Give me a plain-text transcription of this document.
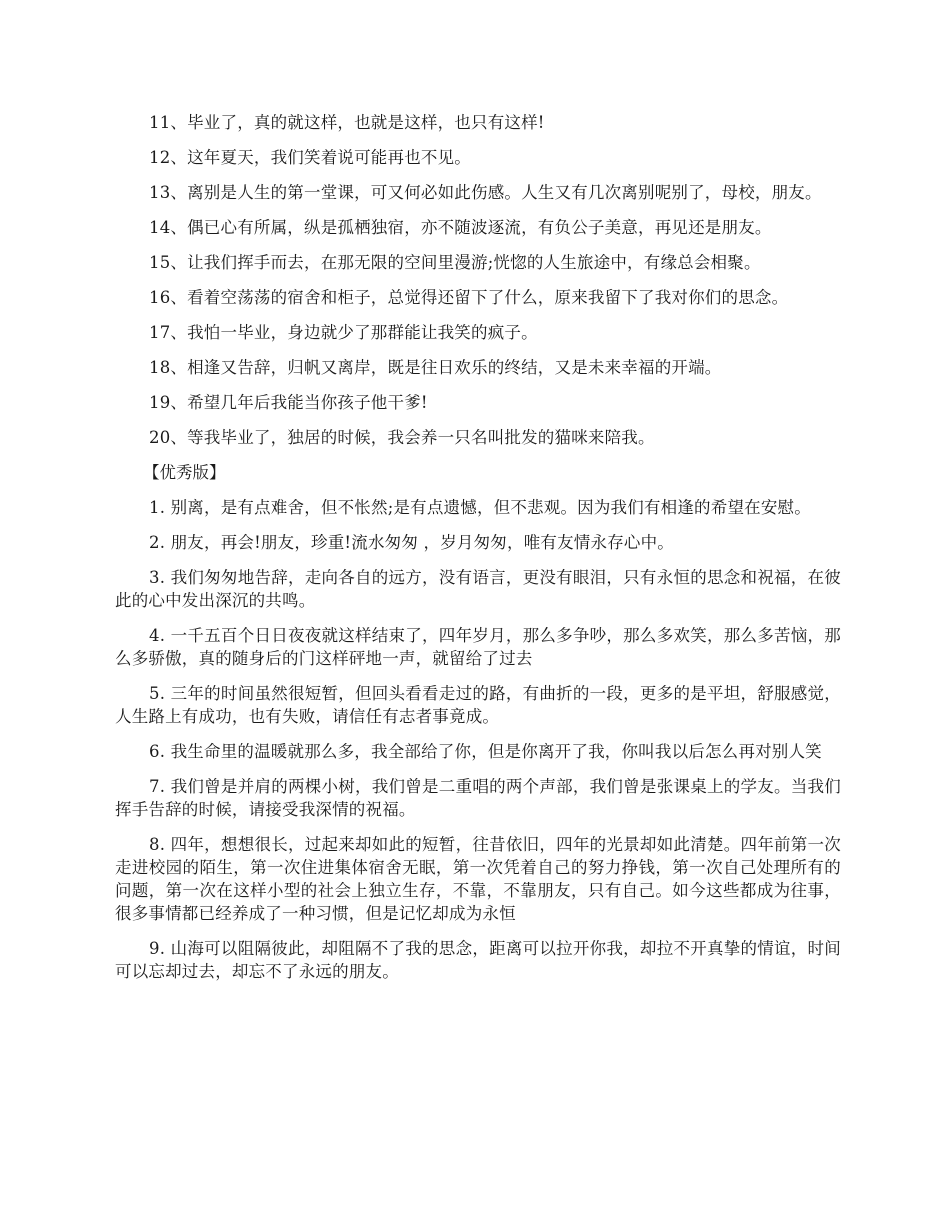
11、毕业了，真的就这样，也就是这样，也只有这样!

12、这年夏天，我们笑着说可能再也不见。

13、离别是人生的第一堂课，可又何必如此伤感。人生又有几次离别呢别了，母校，朋友。

14、偶已心有所属，纵是孤栖独宿，亦不随波逐流，有负公子美意，再见还是朋友。

15、让我们挥手而去，在那无限的空间里漫游;恍惚的人生旅途中，有缘总会相聚。

16、看着空荡荡的宿舍和柜子，总觉得还留下了什么，原来我留下了我对你们的思念。

17、我怕一毕业，身边就少了那群能让我笑的疯子。

18、相逢又告辞，归帆又离岸，既是往日欢乐的终结，又是未来幸福的开端。

19、希望几年后我能当你孩子他干爹!

20、等我毕业了，独居的时候，我会养一只名叫批发的猫咪来陪我。

【优秀版】

1. 别离，是有点难舍，但不怅然;是有点遗憾，但不悲观。因为我们有相逢的希望在安慰。

2. 朋友，再会!朋友，珍重!流水匆匆 ，岁月匆匆，唯有友情永存心中。

3. 我们匆匆地告辞，走向各自的远方，没有语言，更没有眼泪，只有永恒的思念和祝福，在彼此的心中发出深沉的共鸣。

4. 一千五百个日日夜夜就这样结束了，四年岁月，那么多争吵，那么多欢笑，那么多苦恼，那么多骄傲，真的随身后的门这样砰地一声，就留给了过去

5. 三年的时间虽然很短暂，但回头看看走过的路，有曲折的一段，更多的是平坦，舒服感觉，人生路上有成功，也有失败，请信任有志者事竟成。

6. 我生命里的温暖就那么多，我全部给了你，但是你离开了我，你叫我以后怎么再对别人笑

7. 我们曾是并肩的两棵小树，我们曾是二重唱的两个声部，我们曾是张课桌上的学友。当我们挥手告辞的时候，请接受我深情的祝福。

8. 四年，想想很长，过起来却如此的短暂，往昔依旧，四年的光景却如此清楚。四年前第一次走进校园的陌生，第一次住进集体宿舍无眠，第一次凭着自己的努力挣钱，第一次自己处理所有的问题，第一次在这样小型的社会上独立生存，不靠，不靠朋友，只有自己。如今这些都成为往事，很多事情都已经养成了一种习惯，但是记忆却成为永恒

9. 山海可以阻隔彼此，却阻隔不了我的思念，距离可以拉开你我，却拉不开真挚的情谊，时间 可以忘却过去，却忘不了永远的朋友。
